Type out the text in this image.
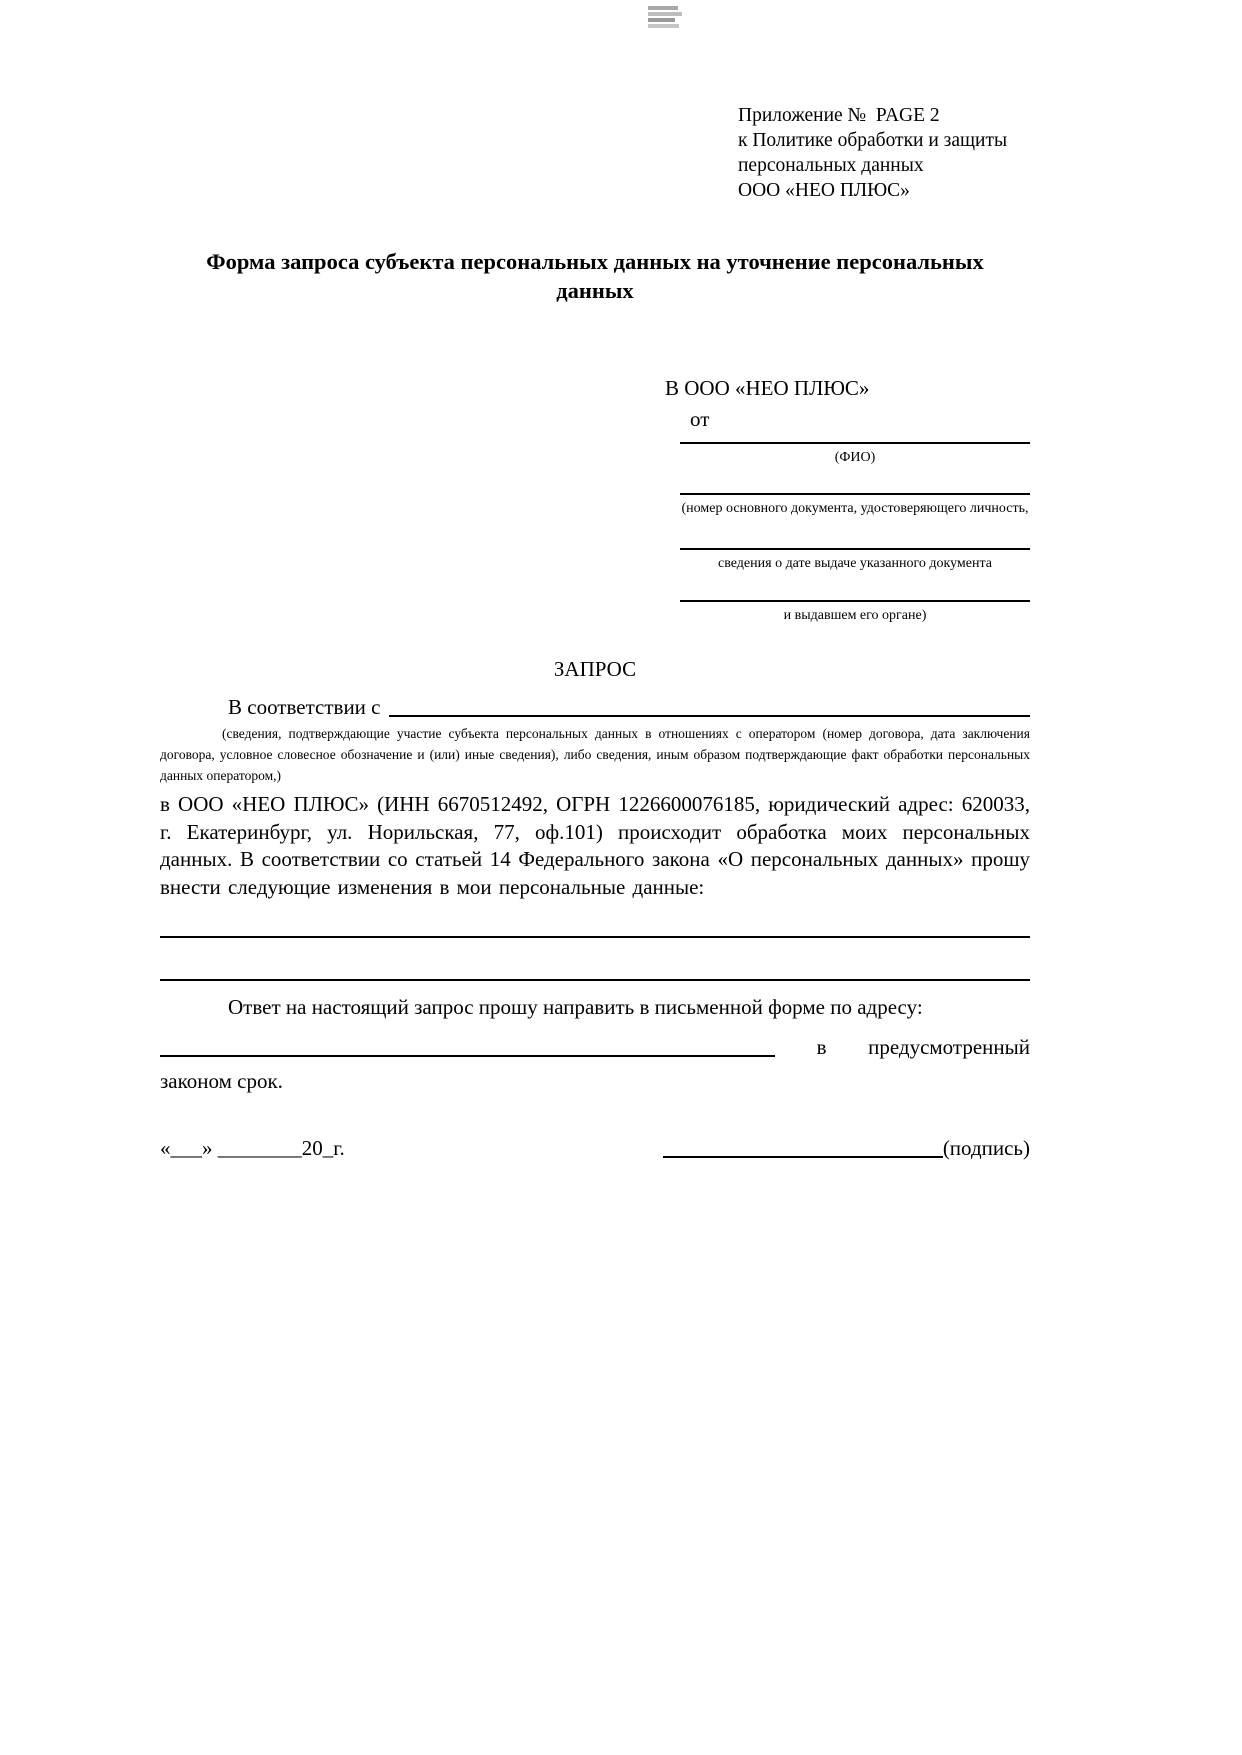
Приложение №  PAGE 2
к Политике обработки и защиты
персональных данных
ООО «НЕО ПЛЮС»
Форма запроса субъекта персональных данных на уточнение персональных данных
В ООО «НЕО ПЛЮС»
от
(ФИО)
(номер основного документа, удостоверяющего личность,
сведения о дате выдаче указанного документа
и выдавшем его органе)
ЗАПРОС
В соответствии с

(сведения, подтверждающие участие субъекта персональных данных в отношениях с оператором (номер договора, дата заключения договора, условное словесное обозначение и (или) иные сведения), либо сведения, иным образом подтверждающие факт обработки персональных данных оператором,)

в ООО «НЕО ПЛЮС» (ИНН 6670512492, ОГРН 1226600076185, юридический адрес: 620033, г. Екатеринбург, ул. Норильская, 77, оф.101) происходит обработка моих персональных данных. В соответствии со статьей 14 Федерального закона «О персональных данных» прошу внести следующие изменения в мои персональные данные:

Ответ на настоящий запрос прошу направить в письменной форме по адресу:

в предусмотренный

законом срок.

«___» ________20_г.	(подпись)
